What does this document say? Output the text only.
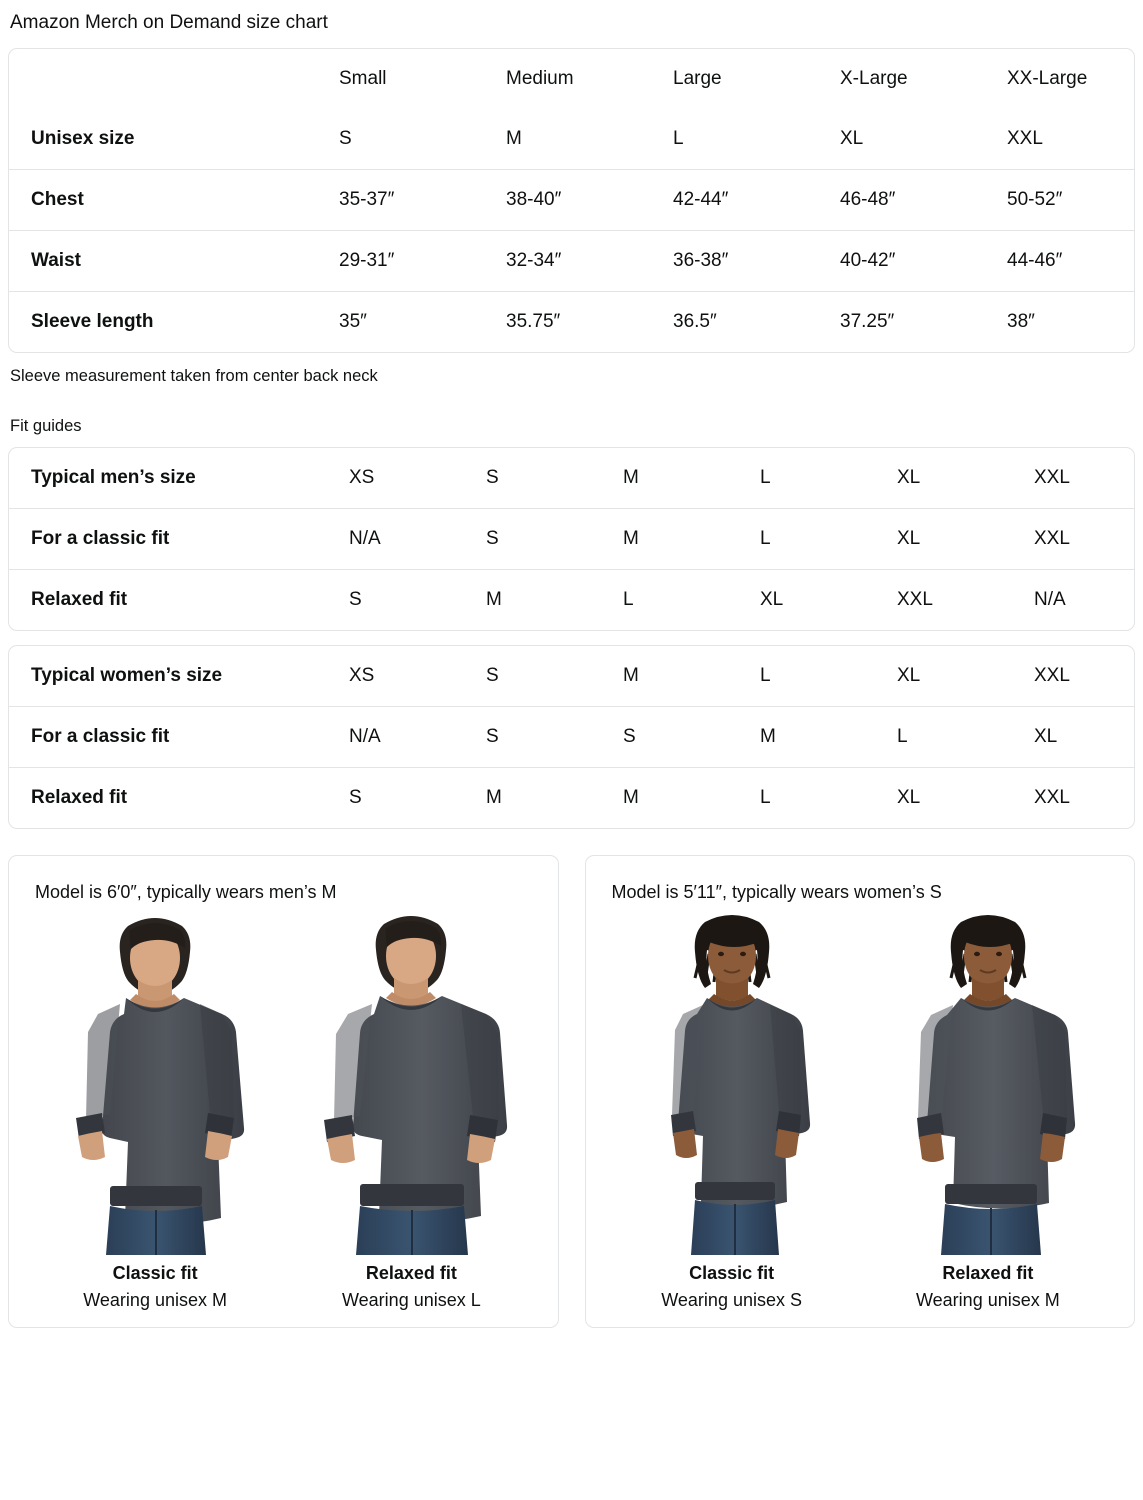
Amazon Merch on Demand size chart
	Small	Medium	Large	X-Large	XX-Large
Unisex size	S	M	L	XL	XXL
Chest	35-37″	38-40″	42-44″	46-48″	50-52″
Waist	29-31″	32-34″	36-38″	40-42″	44-46″
Sleeve length	35″	35.75″	36.5″	37.25″	38″
Sleeve measurement taken from center back neck
Fit guides
Typical men’s size	XS	S	M	L	XL	XXL
For a classic fit	N/A	S	M	L	XL	XXL
Relaxed fit	S	M	L	XL	XXL	N/A
Typical women’s size	XS	S	M	L	XL	XXL
For a classic fit	N/A	S	S	M	L	XL
Relaxed fit	S	M	M	L	XL	XXL
Model is 6′0″, typically wears men’s M
Classic fit
Wearing unisex M
Relaxed fit
Wearing unisex L
Model is 5′11″, typically wears women’s S
Classic fit
Wearing unisex S
Relaxed fit
Wearing unisex M
